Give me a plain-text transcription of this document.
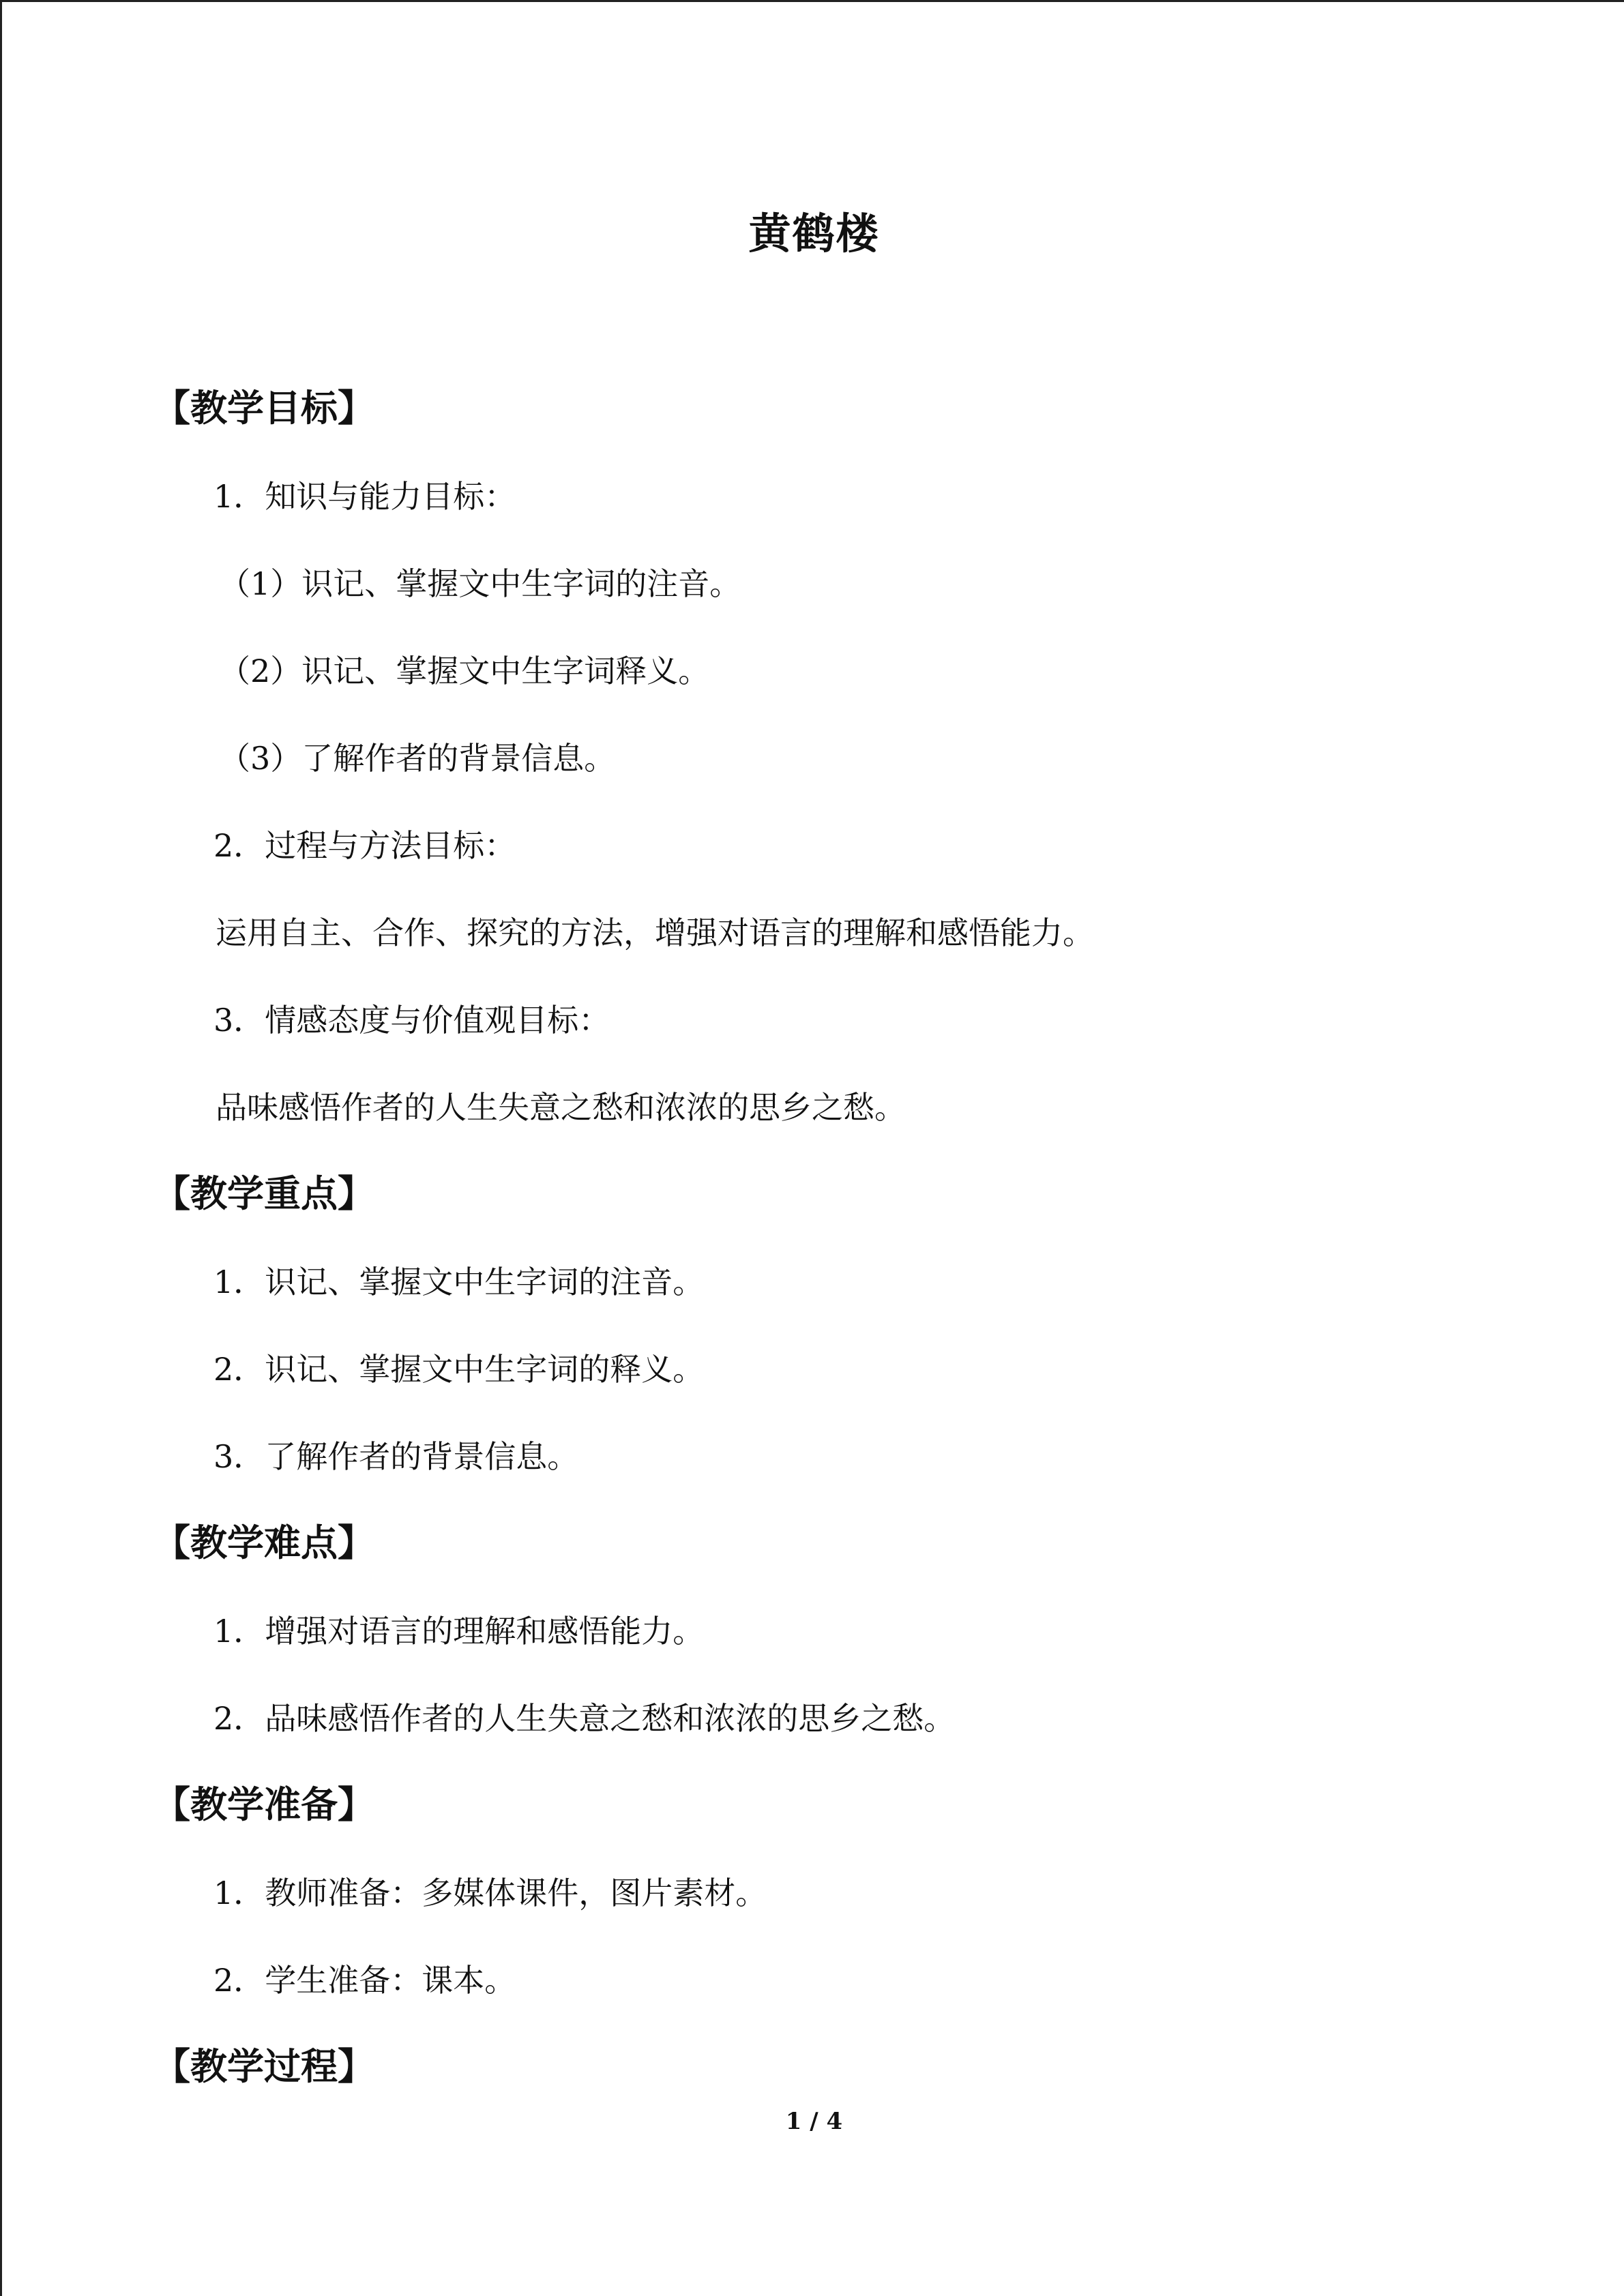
黄鹤楼
【教学目标】
1．知识与能力目标：
（1）识记、掌握文中生字词的注音。
（2）识记、掌握文中生字词释义。
（3）了解作者的背景信息。
2．过程与方法目标：
运用自主、合作、探究的方法，增强对语言的理解和感悟能力。
3．情感态度与价值观目标：
品味感悟作者的人生失意之愁和浓浓的思乡之愁。
【教学重点】
1．识记、掌握文中生字词的注音。
2．识记、掌握文中生字词的释义。
3．了解作者的背景信息。
【教学难点】
1．增强对语言的理解和感悟能力。
2．品味感悟作者的人生失意之愁和浓浓的思乡之愁。
【教学准备】
1．教师准备：多媒体课件，图片素材。
2．学生准备：课本。
【教学过程】
1 / 4
